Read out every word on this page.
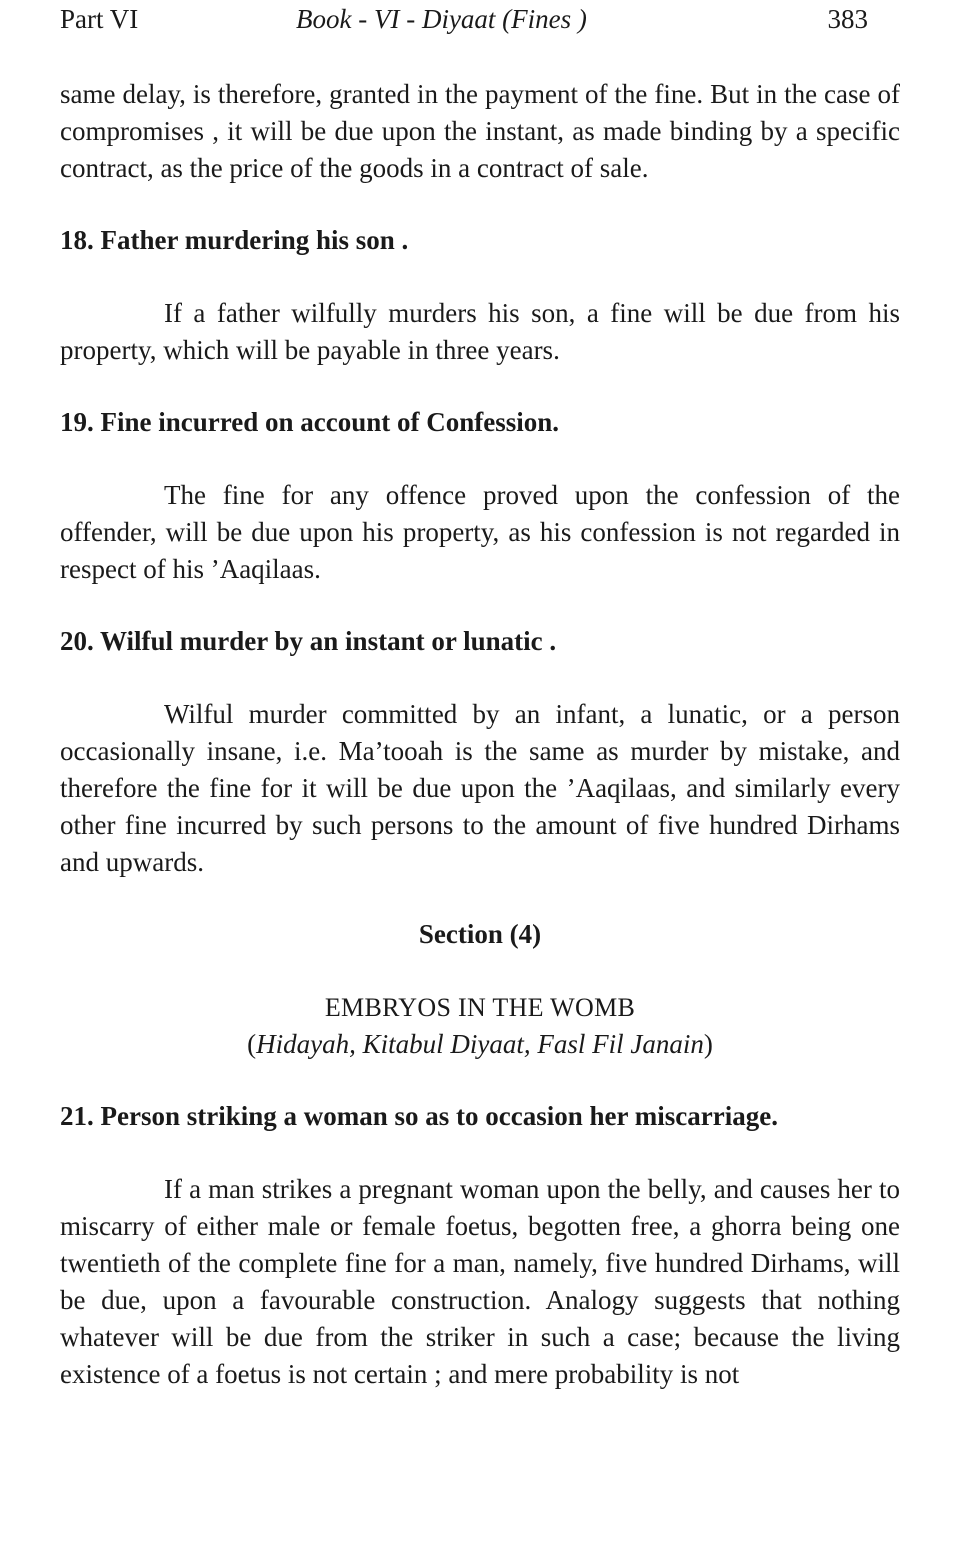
Part VI	Book - VI - Diyaat (Fines )	383

same delay, is therefore, granted in the payment of the fine. But in the case of compromises , it will be due upon the instant, as made binding by a specific contract, as the price of the goods in a contract of sale.

18. Father murdering his son .

If a father wilfully murders his son, a fine will be due from his property, which will be payable in three years.

19. Fine incurred on account of Confession.

The fine for any offence proved upon the confession of the offender, will be due upon his property, as his confession is not regarded in respect of his ’Aaqilaas.

20. Wilful murder by an instant or lunatic .

Wilful murder committed by an infant, a lunatic, or a person occasionally insane, i.e. Ma’tooah is the same as murder by mistake, and therefore the fine for it will be due upon the ’Aaqilaas, and similarly every other fine incurred by such persons to the amount of five hundred Dirhams and upwards.

Section (4)

EMBRYOS IN THE WOMB

(Hidayah, Kitabul Diyaat, Fasl Fil Janain)

21. Person striking a woman so as to occasion her miscarriage.

If a man strikes a pregnant woman upon the belly, and causes her to miscarry of either male or female foetus, begotten free, a ghorra being one twentieth of the complete fine for a man, namely, five hundred Dirhams, will be due, upon a favourable construction. Analogy suggests that nothing whatever will be due from the striker in such a case; because the living existence of a foetus is not certain ; and mere probability is not
